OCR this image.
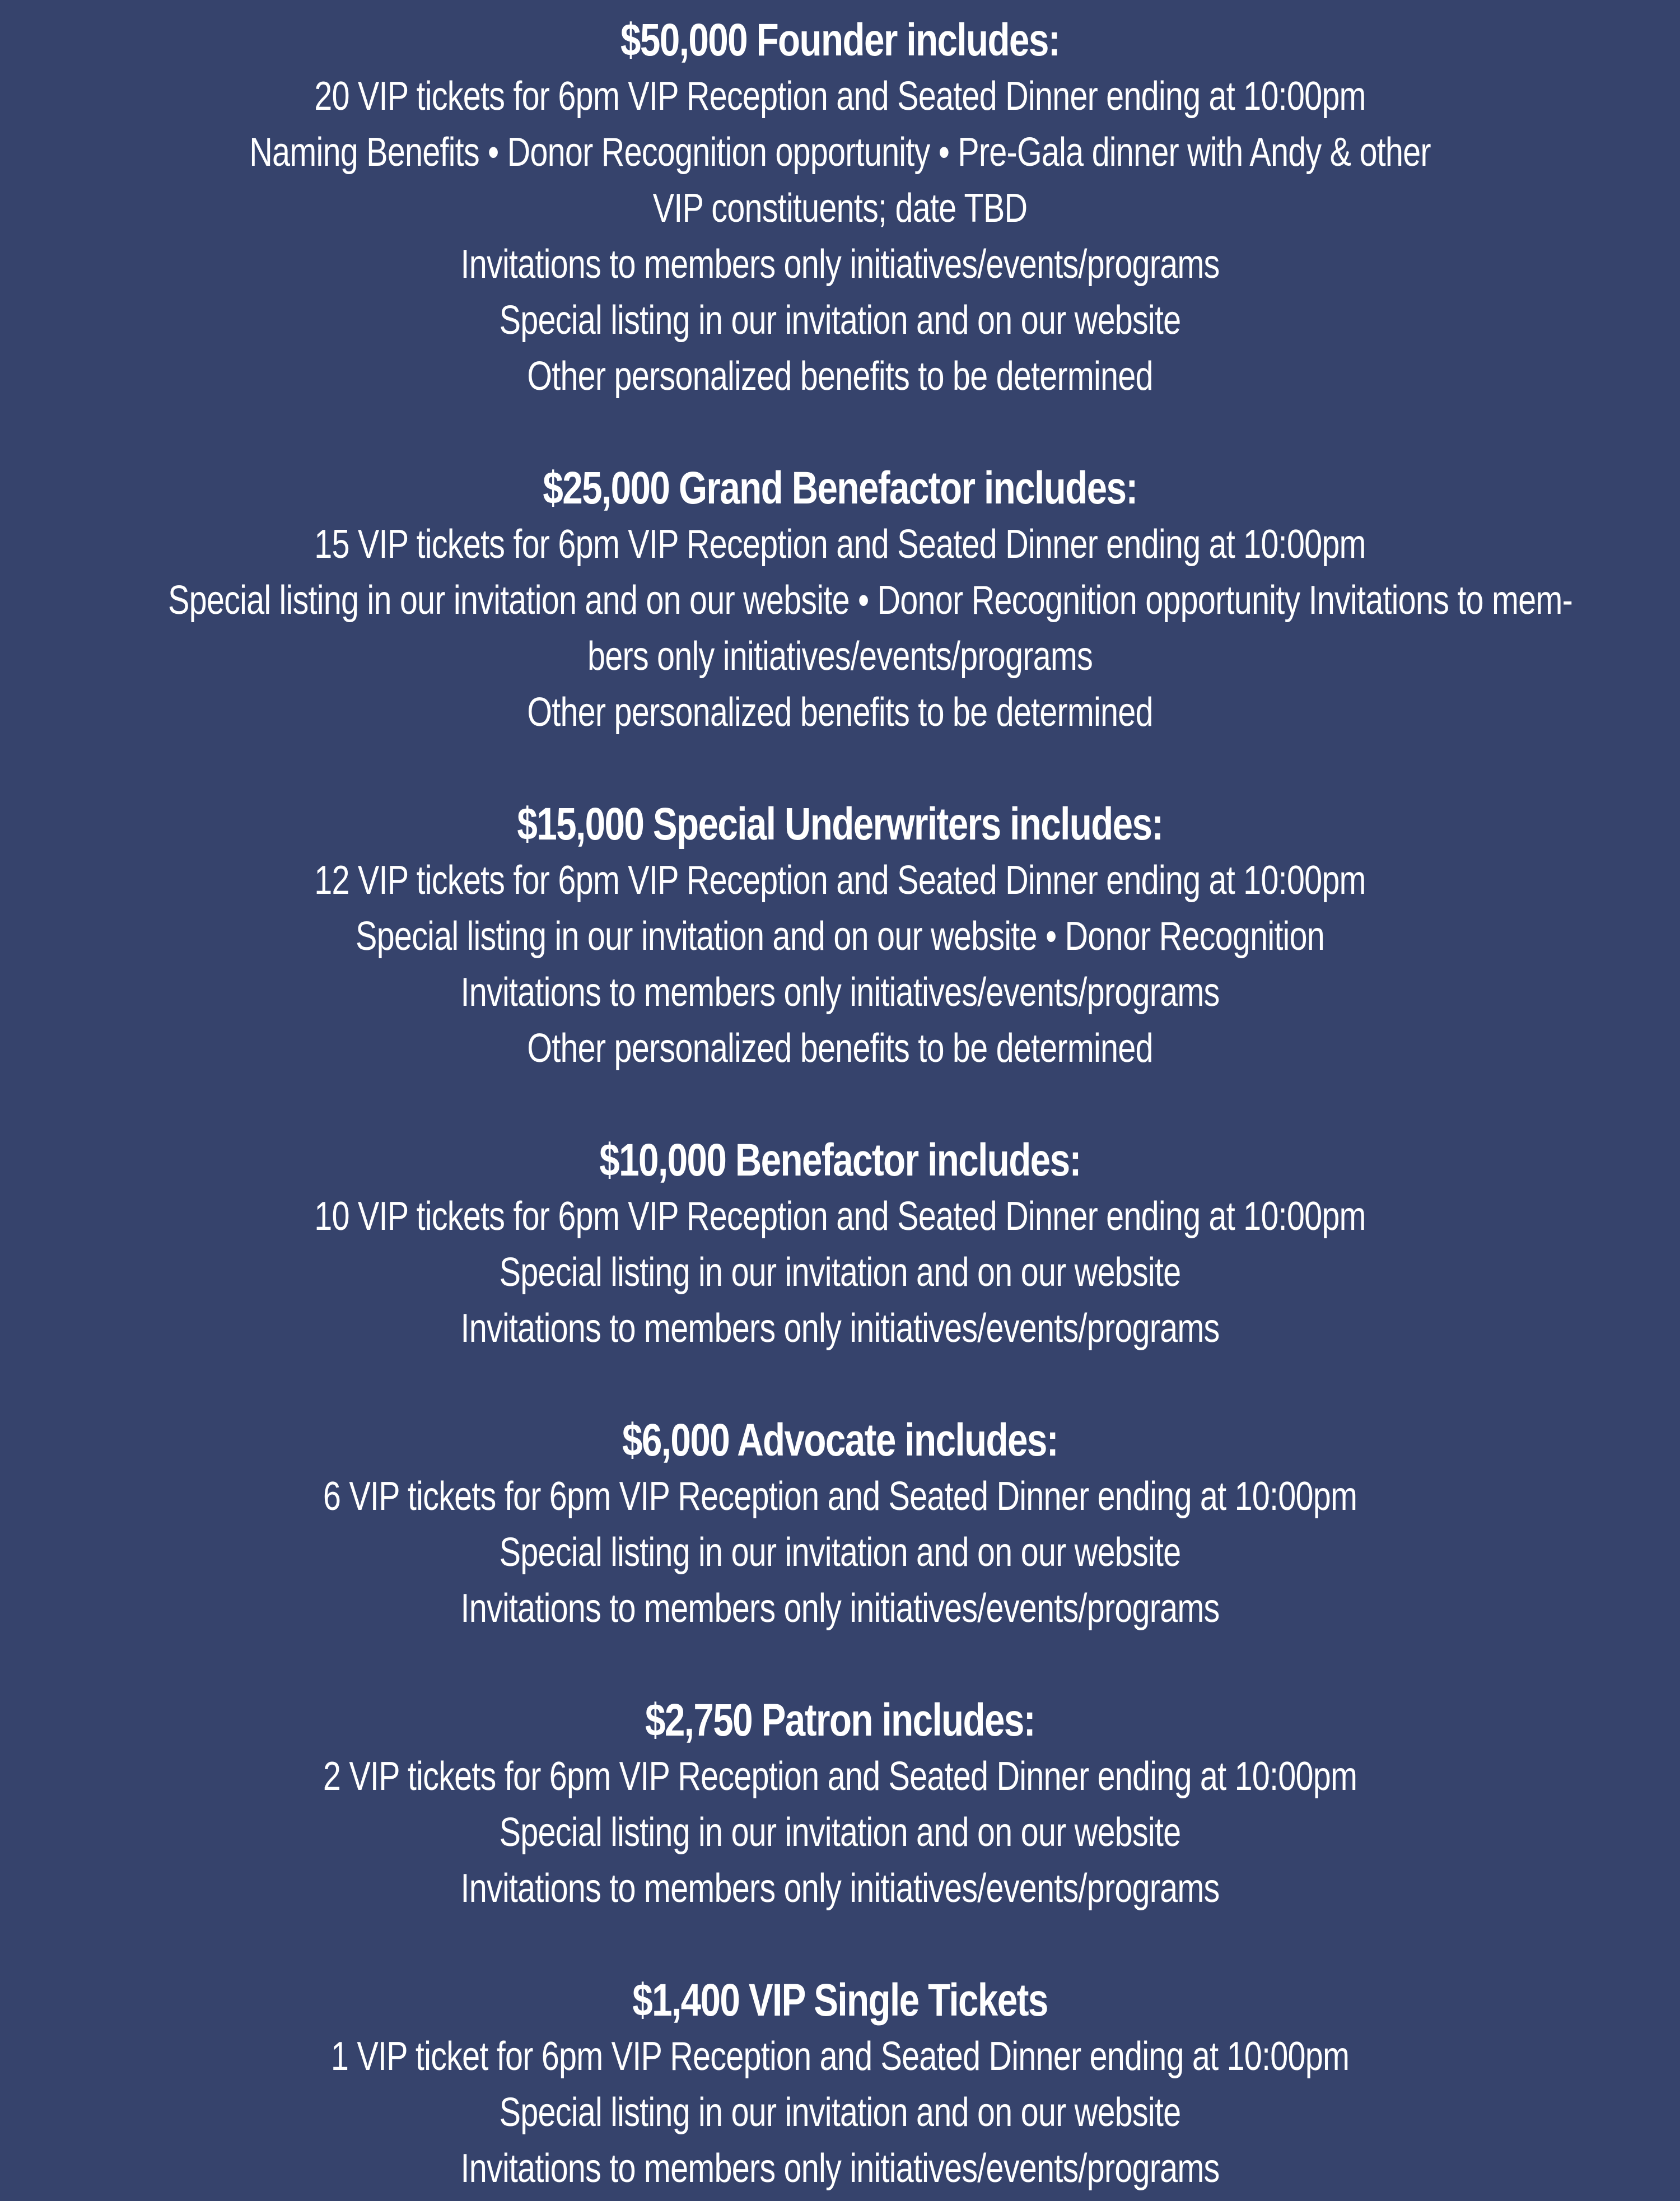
$50,000 Founder includes:
20 VIP tickets for 6pm VIP Reception and Seated Dinner ending at 10:00pm
Naming Benefits • Donor Recognition opportunity • Pre-Gala dinner with Andy & other
VIP constituents; date TBD
Invitations to members only initiatives/events/programs
Special listing in our invitation and on our website
Other personalized benefits to be determined
$25,000 Grand Benefactor includes:
15 VIP tickets for 6pm VIP Reception and Seated Dinner ending at 10:00pm
Special listing in our invitation and on our website • Donor Recognition opportunity Invitations to mem-
bers only initiatives/events/programs
Other personalized benefits to be determined
$15,000 Special Underwriters includes:
12 VIP tickets for 6pm VIP Reception and Seated Dinner ending at 10:00pm
Special listing in our invitation and on our website • Donor Recognition
Invitations to members only initiatives/events/programs
Other personalized benefits to be determined
$10,000 Benefactor includes:
10 VIP tickets for 6pm VIP Reception and Seated Dinner ending at 10:00pm
Special listing in our invitation and on our website
Invitations to members only initiatives/events/programs
$6,000 Advocate includes:
6 VIP tickets for 6pm VIP Reception and Seated Dinner ending at 10:00pm
Special listing in our invitation and on our website
Invitations to members only initiatives/events/programs
$2,750 Patron includes:
2 VIP tickets for 6pm VIP Reception and Seated Dinner ending at 10:00pm
Special listing in our invitation and on our website
Invitations to members only initiatives/events/programs
$1,400 VIP Single Tickets
1 VIP ticket for 6pm VIP Reception and Seated Dinner ending at 10:00pm
Special listing in our invitation and on our website
Invitations to members only initiatives/events/programs
